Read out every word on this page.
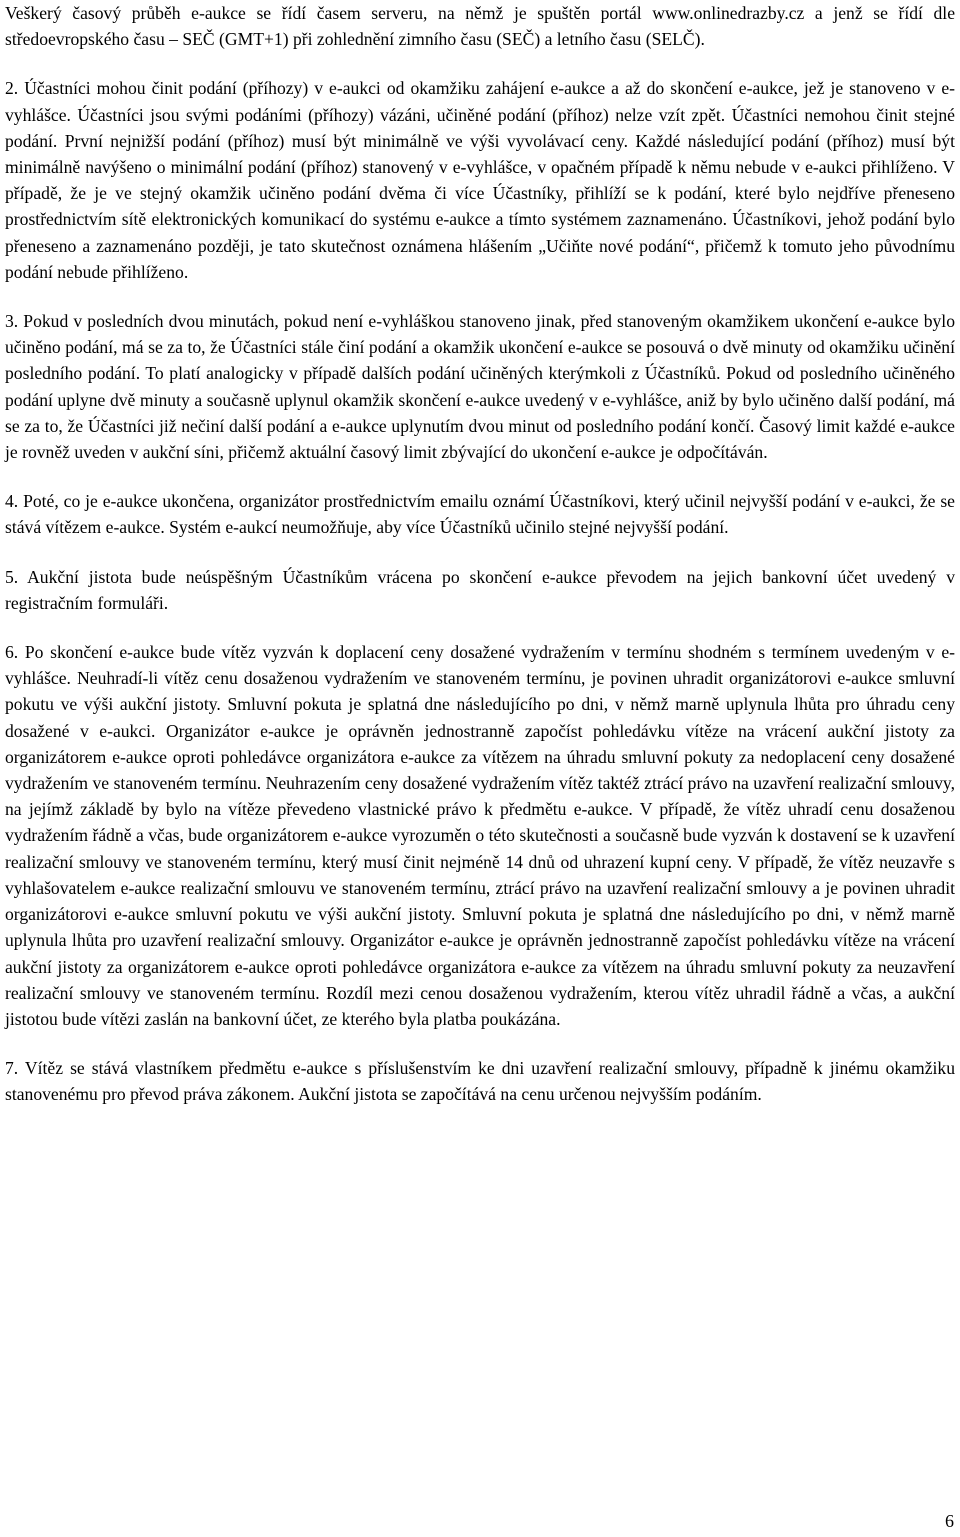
Veškerý časový průběh e-aukce se řídí časem serveru, na němž je spuštěn portál www.onlinedrazby.cz a jenž se řídí dle středoevropského času – SEČ (GMT+1) při zohlednění zimního času (SEČ) a letního času (SELČ).

2. Účastníci mohou činit podání (příhozy) v e-aukci od okamžiku zahájení e-aukce a až do skončení e-aukce, jež je stanoveno v e-vyhlášce. Účastníci jsou svými podáními (příhozy) vázáni, učiněné podání (příhoz) nelze vzít zpět. Účastníci nemohou činit stejné podání. První nejnižší podání (příhoz) musí být minimálně ve výši vyvolávací ceny. Každé následující podání (příhoz) musí být minimálně navýšeno o minimální podání (příhoz) stanovený v e-vyhlášce, v opačném případě k němu nebude v e-aukci přihlíženo. V případě, že je ve stejný okamžik učiněno podání dvěma či více Účastníky, přihlíží se k podání, které bylo nejdříve přeneseno prostřednictvím sítě elektronických komunikací do systému e-aukce a tímto systémem zaznamenáno. Účastníkovi, jehož podání bylo přeneseno a zaznamenáno později, je tato skutečnost oznámena hlášením „Učiňte nové podání“, přičemž k tomuto jeho původnímu podání nebude přihlíženo.

3. Pokud v posledních dvou minutách, pokud není e-vyhláškou stanoveno jinak, před stanoveným okamžikem ukončení e-aukce bylo učiněno podání, má se za to, že Účastníci stále činí podání a okamžik ukončení e-aukce se posouvá o dvě minuty od okamžiku učinění posledního podání. To platí analogicky v případě dalších podání učiněných kterýmkoli z Účastníků. Pokud od posledního učiněného podání uplyne dvě minuty a současně uplynul okamžik skončení e-aukce uvedený v e-vyhlášce, aniž by bylo učiněno další podání, má se za to, že Účastníci již nečiní další podání a e-aukce uplynutím dvou minut od posledního podání končí. Časový limit každé e-aukce je rovněž uveden v aukční síni, přičemž aktuální časový limit zbývající do ukončení e-aukce je odpočítáván.

4. Poté, co je e-aukce ukončena, organizátor prostřednictvím emailu oznámí Účastníkovi, který učinil nejvyšší podání v e-aukci, že se stává vítězem e-aukce. Systém e-aukcí neumožňuje, aby více Účastníků učinilo stejné nejvyšší podání.

5. Aukční jistota bude neúspěšným Účastníkům vrácena po skončení e-aukce převodem na jejich bankovní účet uvedený v registračním formuláři.

6. Po skončení e-aukce bude vítěz vyzván k doplacení ceny dosažené vydražením v termínu shodném s termínem uvedeným v e-vyhlášce. Neuhradí-li vítěz cenu dosaženou vydražením ve stanoveném termínu, je povinen uhradit organizátorovi e-aukce smluvní pokutu ve výši aukční jistoty. Smluvní pokuta je splatná dne následujícího po dni, v němž marně uplynula lhůta pro úhradu ceny dosažené v e-aukci. Organizátor e-aukce je oprávněn jednostranně započíst pohledávku vítěze na vrácení aukční jistoty za organizátorem e-aukce oproti pohledávce organizátora e-aukce za vítězem na úhradu smluvní pokuty za nedoplacení ceny dosažené vydražením ve stanoveném termínu. Neuhrazením ceny dosažené vydražením vítěz taktéž ztrácí právo na uzavření realizační smlouvy, na jejímž základě by bylo na vítěze převedeno vlastnické právo k předmětu e-aukce. V případě, že vítěz uhradí cenu dosaženou vydražením řádně a včas, bude organizátorem e-aukce vyrozuměn o této skutečnosti a současně bude vyzván k dostavení se k uzavření realizační smlouvy ve stanoveném termínu, který musí činit nejméně 14 dnů od uhrazení kupní ceny. V případě, že vítěz neuzavře s vyhlašovatelem e-aukce realizační smlouvu ve stanoveném termínu, ztrácí právo na uzavření realizační smlouvy a je povinen uhradit organizátorovi e-aukce smluvní pokutu ve výši aukční jistoty. Smluvní pokuta je splatná dne následujícího po dni, v němž marně uplynula lhůta pro uzavření realizační smlouvy. Organizátor e-aukce je oprávněn jednostranně započíst pohledávku vítěze na vrácení aukční jistoty za organizátorem e-aukce oproti pohledávce organizátora e-aukce za vítězem na úhradu smluvní pokuty za neuzavření realizační smlouvy ve stanoveném termínu. Rozdíl mezi cenou dosaženou vydražením, kterou vítěz uhradil řádně a včas, a aukční jistotou bude vítězi zaslán na bankovní účet, ze kterého byla platba poukázána.

7. Vítěz se stává vlastníkem předmětu e-aukce s příslušenstvím ke dni uzavření realizační smlouvy, případně k jinému okamžiku stanovenému pro převod práva zákonem. Aukční jistota se započítává na cenu určenou nejvyšším podáním.

6
